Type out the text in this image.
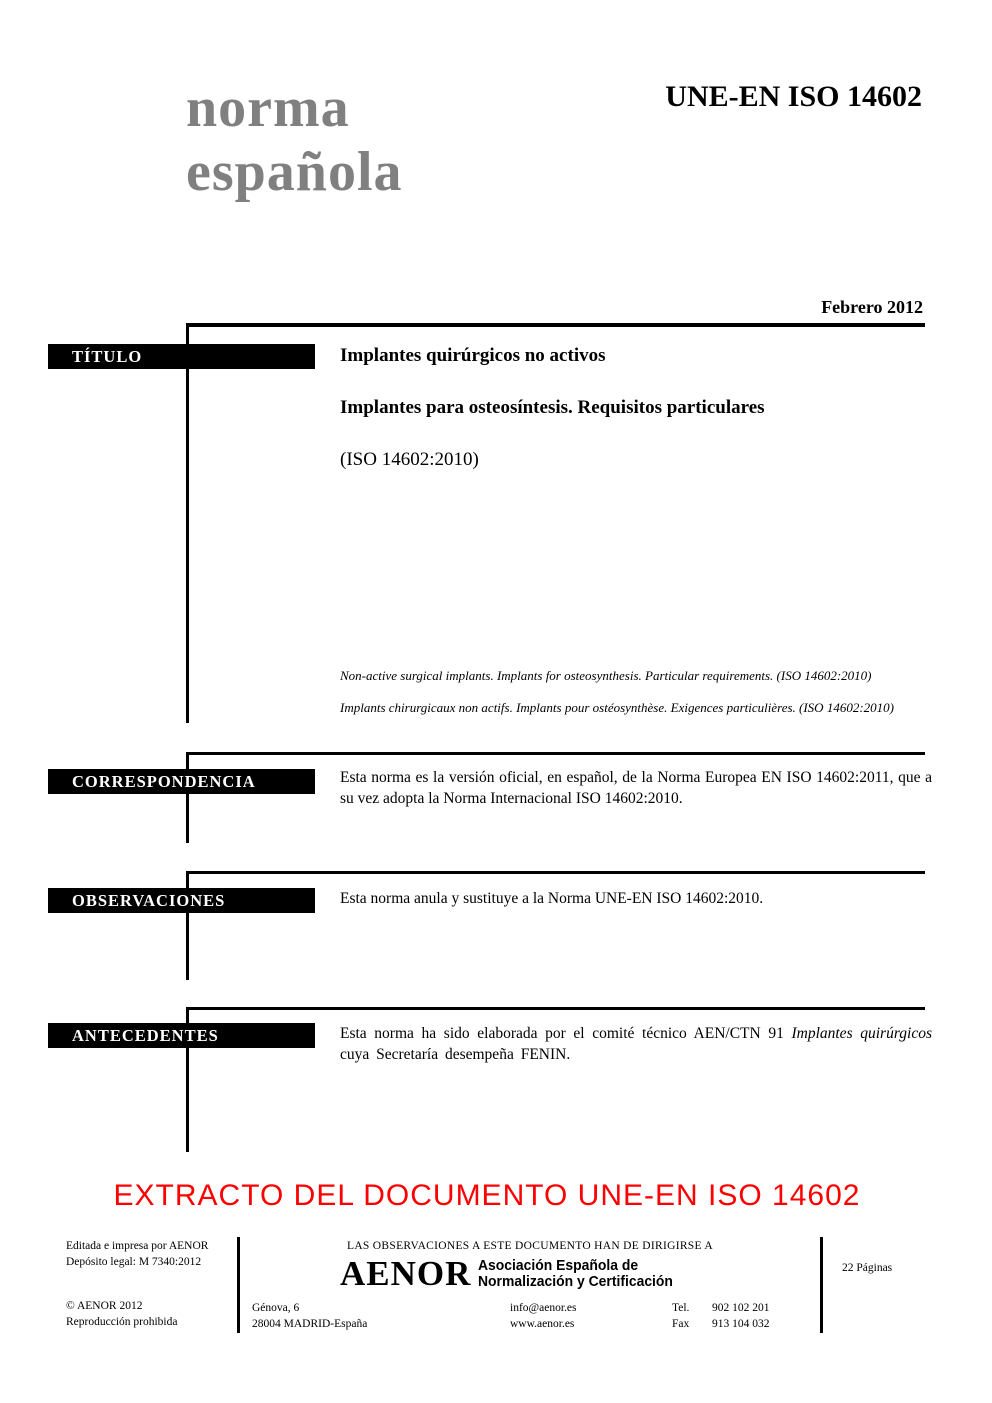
norma
española
UNE-EN ISO 14602
Febrero 2012
TÍTULO	Implantes quirúrgicos no activos
Implantes para osteosíntesis. Requisitos particulares
(ISO 14602:2010)
Non-active surgical implants. Implants for osteosynthesis. Particular requirements. (ISO 14602:2010)
Implants chirurgicaux non actifs. Implants pour ostéosynthèse. Exigences particulières. (ISO 14602:2010)
CORRESPONDENCIA	Esta norma es la versión oficial, en español, de la Norma Europea EN ISO 14602:2011, que a su vez adopta la Norma Internacional ISO 14602:2010.
OBSERVACIONES	Esta norma anula y sustituye a la Norma UNE-EN ISO 14602:2010.
ANTECEDENTES	Esta norma ha sido elaborada por el comité técnico AEN/CTN 91 Implantes quirúrgicos cuya Secretaría desempeña FENIN.
EXTRACTO DEL DOCUMENTO UNE-EN ISO 14602
Editada e impresa por AENOR
Depósito legal: M 7340:2012
© AENOR 2012
Reproducción prohibida
LAS OBSERVACIONES A ESTE DOCUMENTO HAN DE DIRIGIRSE A
AENOR Asociación Española de
Normalización y Certificación
Génova, 6
28004 MADRID-España
info@aenor.es
www.aenor.es
Tel.	902 102 201
Fax	913 104 032
22 Páginas
